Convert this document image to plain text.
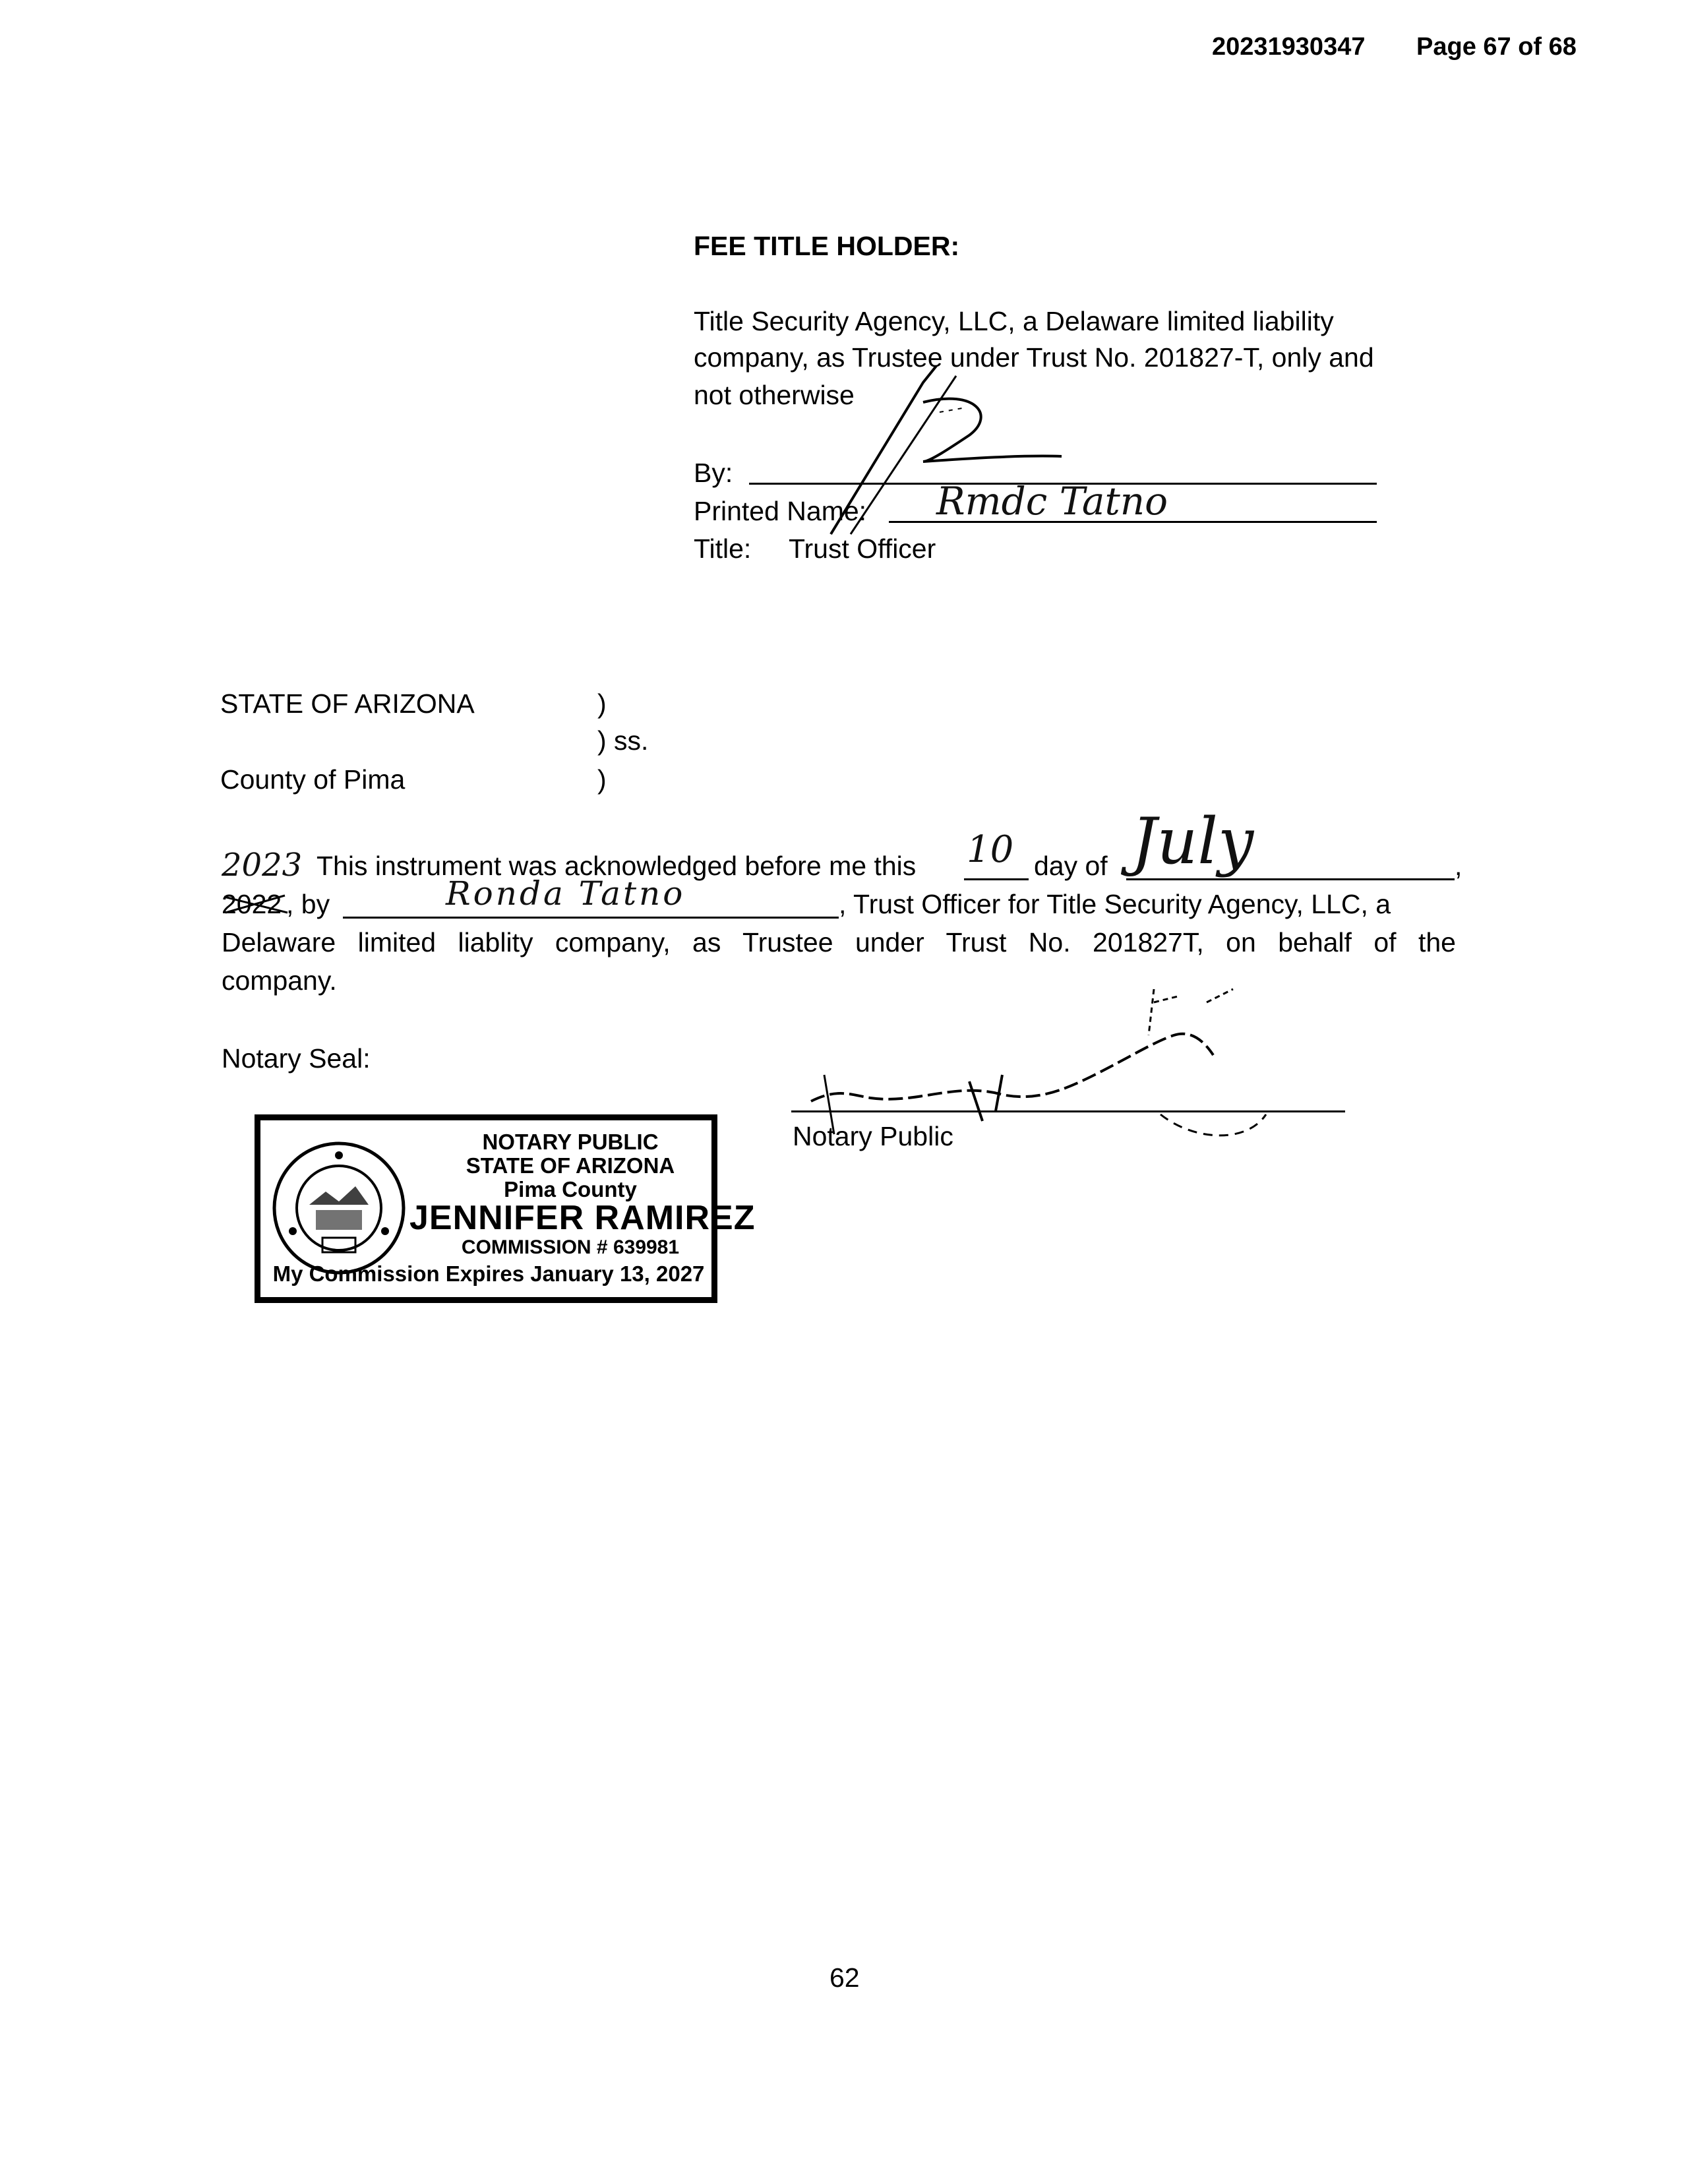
20231930347 Page 67 of 68
FEE TITLE HOLDER:
Title Security Agency, LLC, a Delaware limited liability
company, as Trustee under Trust No. 201827-T, only and
not otherwise
By:
Printed Name: Rmdc Tatno
Title: Trust Officer
STATE OF ARIZONA	)
) ss.
County of Pima	)
2023 This instrument was acknowledged before me this 10 day of July	,
2022 , by	Ronda Tatno	, Trust Officer for Title Security Agency, LLC, a
Delaware limited liablity company, as Trustee under Trust No. 201827T, on behalf of the
company.
Notary Seal:
Notary Public
NOTARY PUBLIC
STATE OF ARIZONA
Pima County
JENNIFER RAMIREZ
COMMISSION # 639981
My Commission Expires January 13, 2027
62
